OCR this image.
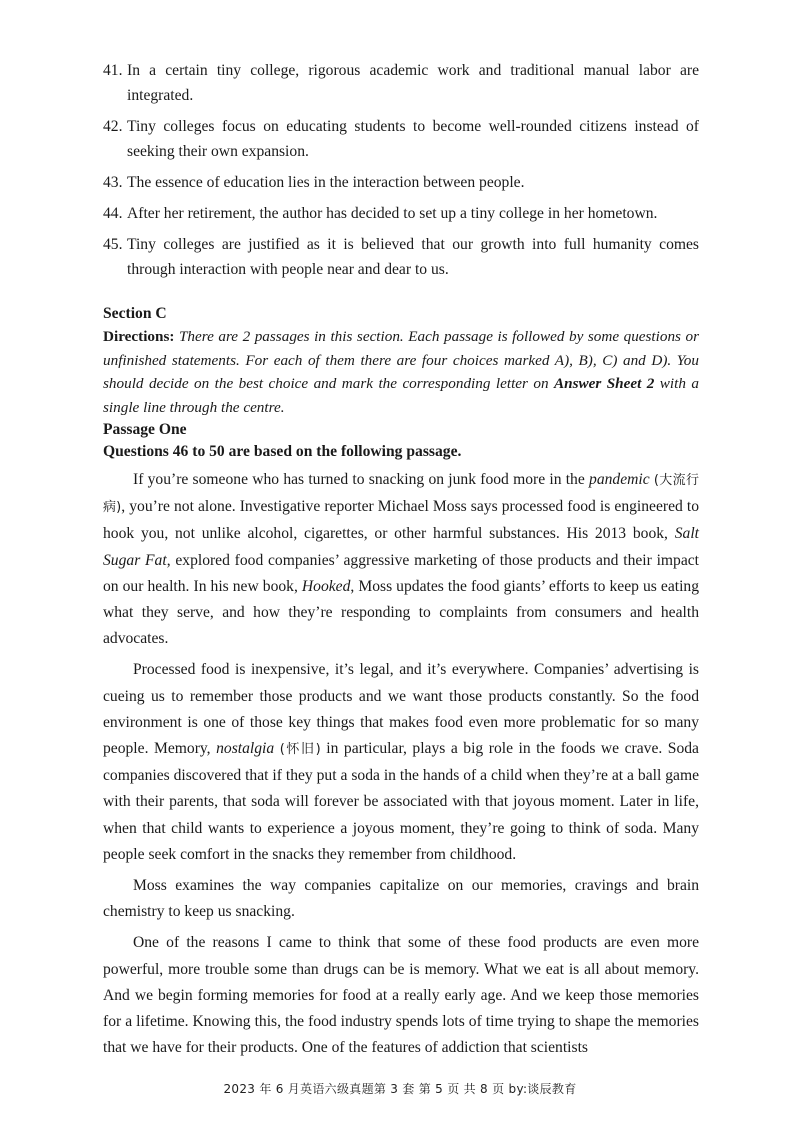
41. In a certain tiny college, rigorous academic work and traditional manual labor are integrated.
42. Tiny colleges focus on educating students to become well-rounded citizens instead of seeking their own expansion.
43. The essence of education lies in the interaction between people.
44. After her retirement, the author has decided to set up a tiny college in her hometown.
45. Tiny colleges are justified as it is believed that our growth into full humanity comes through interaction with people near and dear to us.
Section C
Directions: There are 2 passages in this section. Each passage is followed by some questions or unfinished statements. For each of them there are four choices marked A), B), C) and D). You should decide on the best choice and mark the corresponding letter on Answer Sheet 2 with a single line through the centre.
Passage One
Questions 46 to 50 are based on the following passage.

If you’re someone who has turned to snacking on junk food more in the pandemic (大流行病), you’re not alone. Investigative reporter Michael Moss says processed food is engineered to hook you, not unlike alcohol, cigarettes, or other harmful substances. His 2013 book, Salt Sugar Fat, explored food companies’ aggressive marketing of those products and their impact on our health. In his new book, Hooked, Moss updates the food giants’ efforts to keep us eating what they serve, and how they’re responding to complaints from consumers and health advocates.

Processed food is inexpensive, it’s legal, and it’s everywhere. Companies’ advertising is cueing us to remember those products and we want those products constantly. So the food environment is one of those key things that makes food even more problematic for so many people. Memory, nostalgia (怀旧) in particular, plays a big role in the foods we crave. Soda companies discovered that if they put a soda in the hands of a child when they’re at a ball game with their parents, that soda will forever be associated with that joyous moment. Later in life, when that child wants to experience a joyous moment, they’re going to think of soda. Many people seek comfort in the snacks they remember from childhood.

Moss examines the way companies capitalize on our memories, cravings and brain chemistry to keep us snacking.

One of the reasons I came to think that some of these food products are even more powerful, more trouble some than drugs can be is memory. What we eat is all about memory. And we begin forming memories for food at a really early age. And we keep those memories for a lifetime. Knowing this, the food industry spends lots of time trying to shape the memories that we have for their products. One of the features of addiction that scientists

2023 年 6 月英语六级真题第 3 套 第 5 页 共 8 页 by:谈辰教育
